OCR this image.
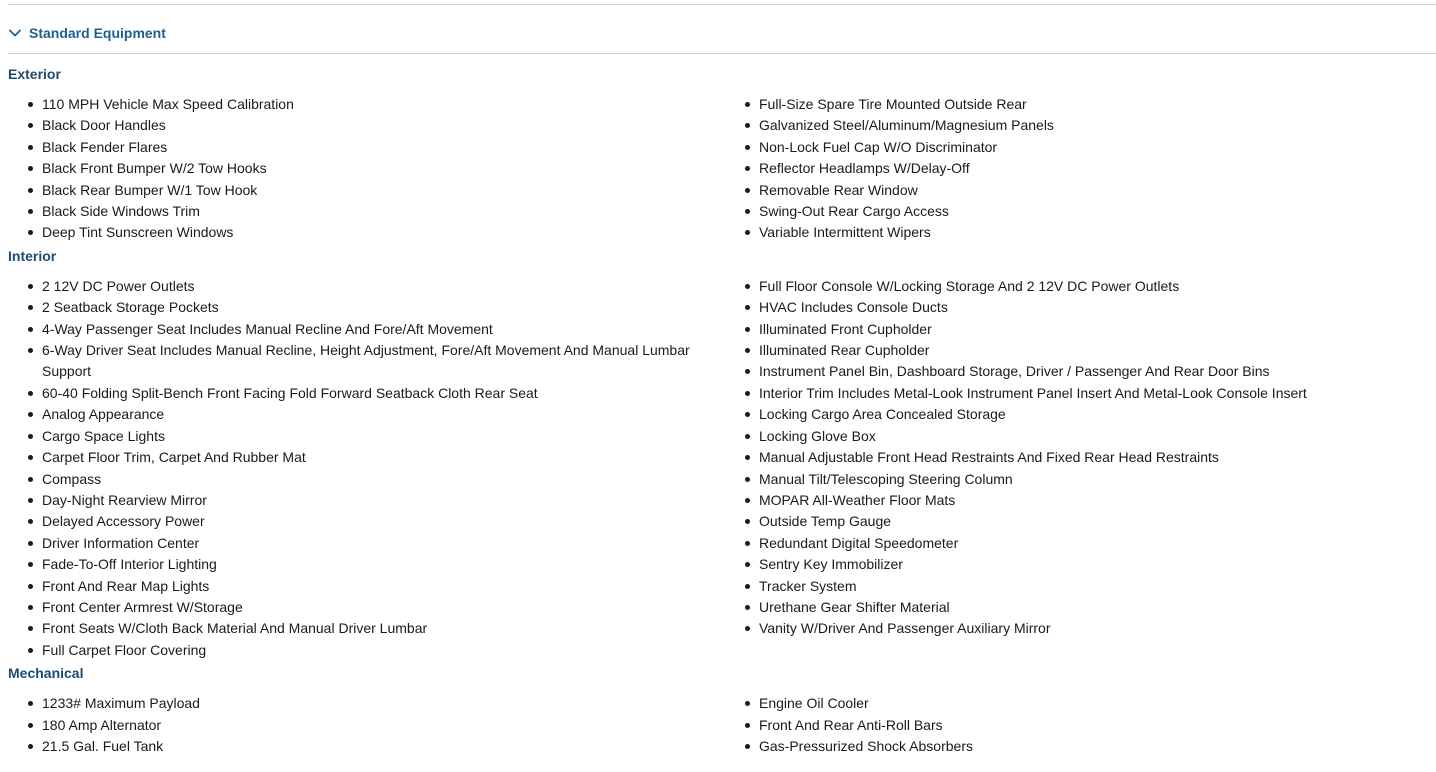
Standard Equipment
Exterior
110 MPH Vehicle Max Speed Calibration
Black Door Handles
Black Fender Flares
Black Front Bumper W/2 Tow Hooks
Black Rear Bumper W/1 Tow Hook
Black Side Windows Trim
Deep Tint Sunscreen Windows
Full-Size Spare Tire Mounted Outside Rear
Galvanized Steel/Aluminum/Magnesium Panels
Non-Lock Fuel Cap W/O Discriminator
Reflector Headlamps W/Delay-Off
Removable Rear Window
Swing-Out Rear Cargo Access
Variable Intermittent Wipers
Interior
2 12V DC Power Outlets
2 Seatback Storage Pockets
4-Way Passenger Seat Includes Manual Recline And Fore/Aft Movement
6-Way Driver Seat Includes Manual Recline, Height Adjustment, Fore/Aft Movement And Manual Lumbar Support
60-40 Folding Split-Bench Front Facing Fold Forward Seatback Cloth Rear Seat
Analog Appearance
Cargo Space Lights
Carpet Floor Trim, Carpet And Rubber Mat
Compass
Day-Night Rearview Mirror
Delayed Accessory Power
Driver Information Center
Fade-To-Off Interior Lighting
Front And Rear Map Lights
Front Center Armrest W/Storage
Front Seats W/Cloth Back Material And Manual Driver Lumbar
Full Carpet Floor Covering
Full Floor Console W/Locking Storage And 2 12V DC Power Outlets
HVAC Includes Console Ducts
Illuminated Front Cupholder
Illuminated Rear Cupholder
Instrument Panel Bin, Dashboard Storage, Driver / Passenger And Rear Door Bins
Interior Trim Includes Metal-Look Instrument Panel Insert And Metal-Look Console Insert
Locking Cargo Area Concealed Storage
Locking Glove Box
Manual Adjustable Front Head Restraints And Fixed Rear Head Restraints
Manual Tilt/Telescoping Steering Column
MOPAR All-Weather Floor Mats
Outside Temp Gauge
Redundant Digital Speedometer
Sentry Key Immobilizer
Tracker System
Urethane Gear Shifter Material
Vanity W/Driver And Passenger Auxiliary Mirror
Mechanical
1233# Maximum Payload
180 Amp Alternator
21.5 Gal. Fuel Tank
Engine Oil Cooler
Front And Rear Anti-Roll Bars
Gas-Pressurized Shock Absorbers
